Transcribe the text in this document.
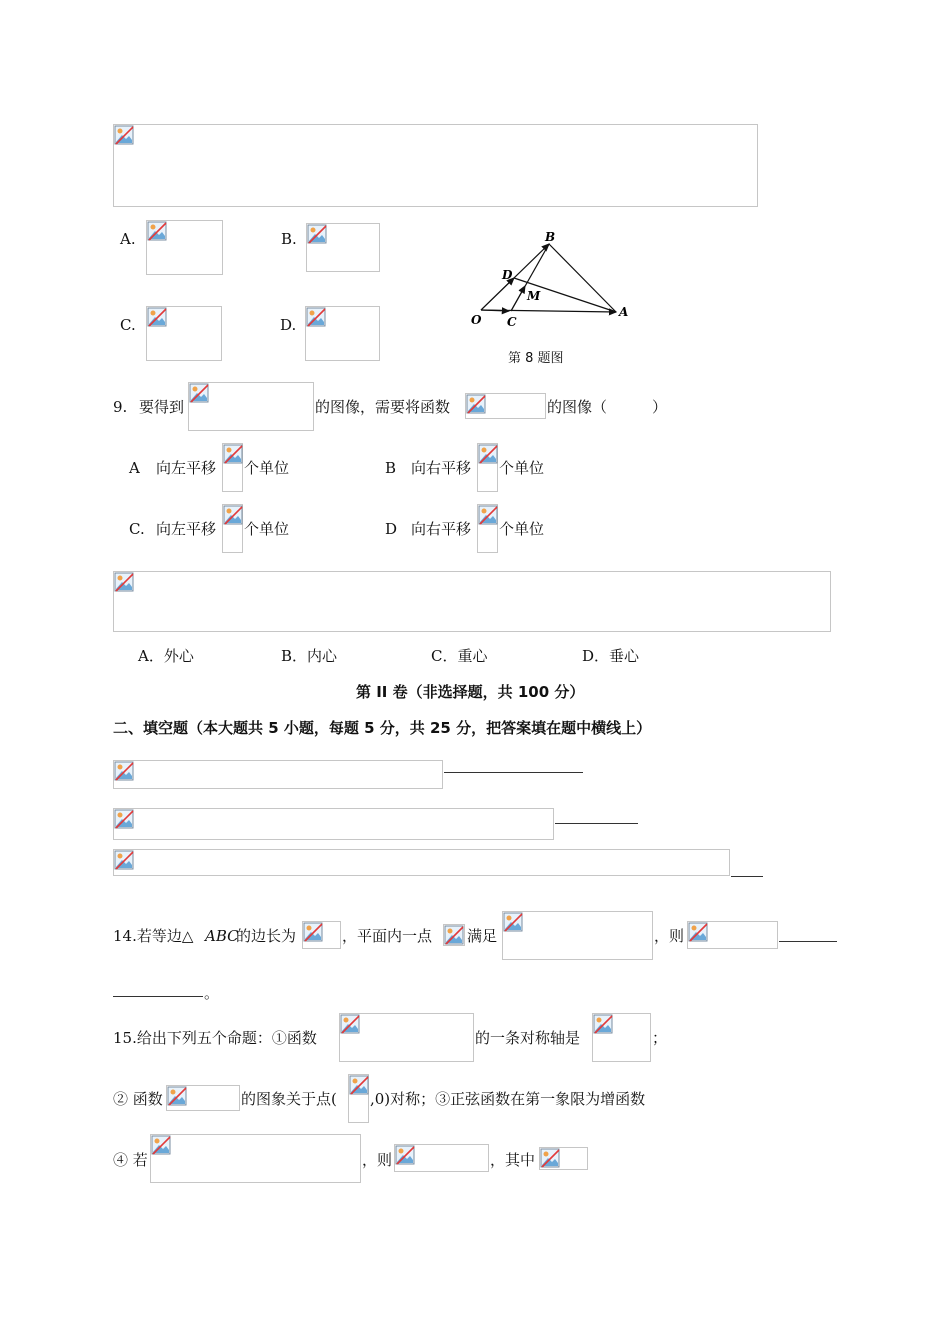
A.	B.
C.	D.
B
D
M
O C
A
第 8 题图
9. 要得到	的图像，需要将函数	的图像（　　　）
A 向左平移 个单位	B 向右平移 个单位
C. 向左平移 个单位	D 向右平移 个单位
A．外心	B．内心	C．重心	D．垂心
第 II 卷（非选择题，共 100 分）
二、填空题（本大题共 5 小题，每题 5 分，共 25 分，把答案填在题中横线上）
14.若等边△ ABC
的边长为	，平面内一点 满足	，则
。
15.给出下列五个命题：①函数	的一条对称轴是	；
② 函数	的图象关于点( ,0)对称；③正弦函数在第一象限为增函数
④ 若	，则	，其中
